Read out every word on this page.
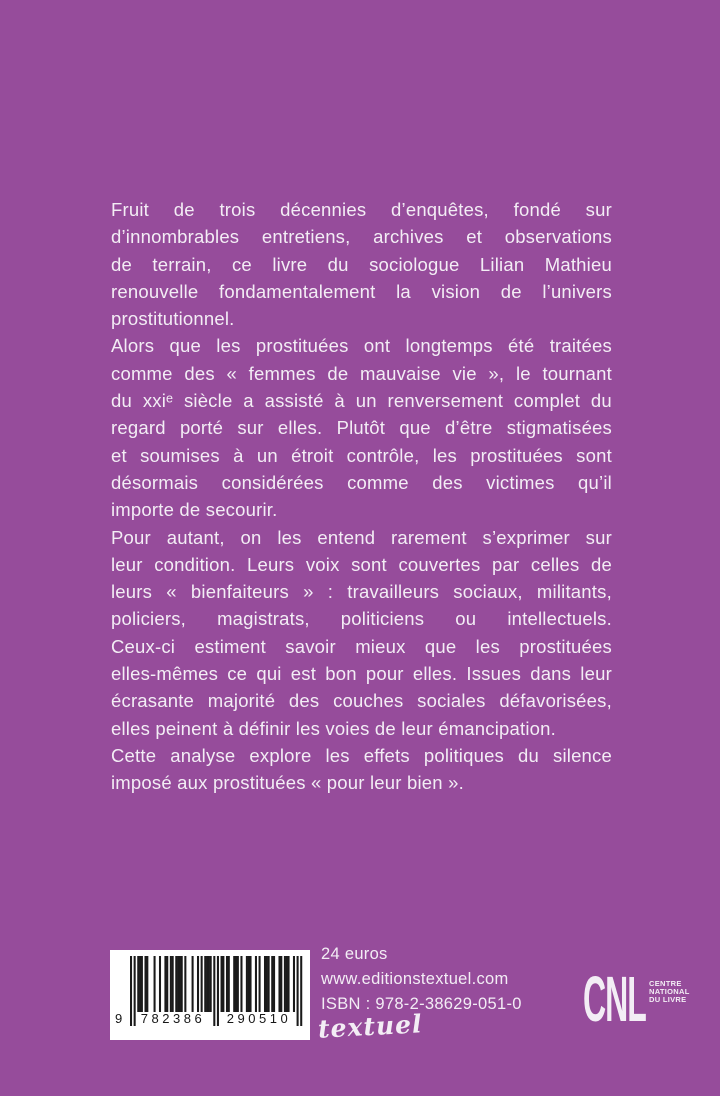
Fruit de trois décennies d’enquêtes, fondé sur
d’innombrables entretiens, archives et observations
de terrain, ce livre du sociologue Lilian Mathieu
renouvelle fondamentalement la vision de l’univers
prostitutionnel.
Alors que les prostituées ont longtemps été traitées
comme des « femmes de mauvaise vie », le tournant
du xxiᵉ siècle a assisté à un renversement complet du
regard porté sur elles. Plutôt que d’être stigmatisées
et soumises à un étroit contrôle, les prostituées sont
désormais considérées comme des victimes qu’il
importe de secourir.
Pour autant, on les entend rarement s’exprimer sur
leur condition. Leurs voix sont couvertes par celles de
leurs « bienfaiteurs » : travailleurs sociaux, militants,
policiers, magistrats, politiciens ou intellectuels.
Ceux-ci estiment savoir mieux que les prostituées
elles-mêmes ce qui est bon pour elles. Issues dans leur
écrasante majorité des couches sociales défavorisées,
elles peinent à définir les voies de leur émancipation.
Cette analyse explore les effets politiques du silence
imposé aux prostituées « pour leur bien ».
9 782386 290510
24 euros
www.editionstextuel.com
ISBN : 978-2-38629-051-0
textuel CNL CENTRE
NATIONAL
DU LIVRE
